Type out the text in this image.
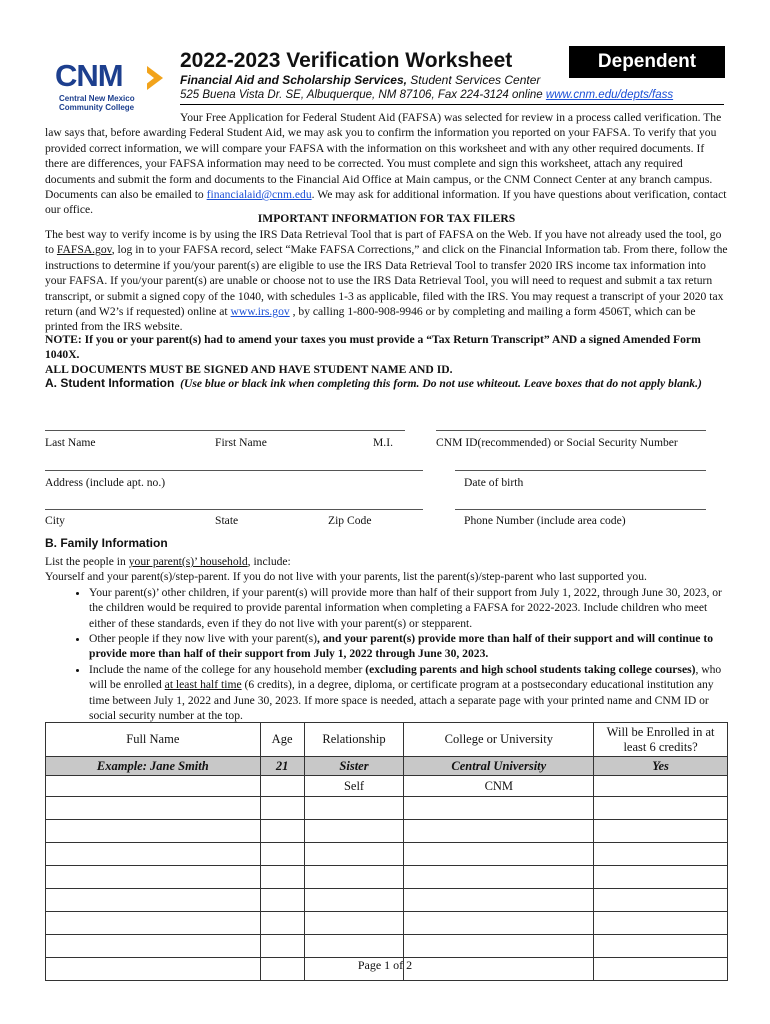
CNM
Central New Mexico Community College
2022-2023 Verification Worksheet	Dependent
Financial Aid and Scholarship Services, Student Services Center
525 Buena Vista Dr. SE, Albuquerque, NM 87106, Fax 224-3124 online www.cnm.edu/depts/fass
Your Free Application for Federal Student Aid (FAFSA) was selected for review in a process called verification. The law says that, before awarding Federal Student Aid, we may ask you to confirm the information you reported on your FAFSA. To verify that you provided correct information, we will compare your FAFSA with the information on this worksheet and with any other required documents. If there are differences, your FAFSA information may need to be corrected. You must complete and sign this worksheet, attach any required documents and submit the form and documents to the Financial Aid Office at Main campus, or the CNM Connect Center at any branch campus. Documents can also be emailed to financialaid@cnm.edu. We may ask for additional information. If you have questions about verification, contact our office.
IMPORTANT INFORMATION FOR TAX FILERS
The best way to verify income is by using the IRS Data Retrieval Tool that is part of FAFSA on the Web. If you have not already used the tool, go to FAFSA.gov, log in to your FAFSA record, select “Make FAFSA Corrections,” and click on the Financial Information tab. From there, follow the instructions to determine if you/your parent(s) are eligible to use the IRS Data Retrieval Tool to transfer 2020 IRS income tax information into your FAFSA. If you/your parent(s) are unable or choose not to use the IRS Data Retrieval Tool, you will need to request and submit a tax return transcript, or submit a signed copy of the 1040, with schedules 1-3 as applicable, filed with the IRS. You may request a transcript of your 2020 tax return (and W2’s if requested) online at www.irs.gov , by calling 1-800-908-9946 or by completing and mailing a form 4506T, which can be printed from the IRS website.
NOTE: If you or your parent(s) had to amend your taxes you must provide a “Tax Return Transcript” AND a signed Amended Form 1040X.
ALL DOCUMENTS MUST BE SIGNED AND HAVE STUDENT NAME AND ID.
A. Student Information (Use blue or black ink when completing this form. Do not use whiteout. Leave boxes that do not apply blank.)
Last Name	First Name	M.I.	CNM ID(recommended) or Social Security Number
Address (include apt. no.)	Date of birth
City	State	Zip Code	Phone Number (include area code)
B. Family Information
List the people in your parent(s)’ household, include:
Yourself and your parent(s)/step-parent. If you do not live with your parents, list the parent(s)/step-parent who last supported you.
• Your parent(s)’ other children, if your parent(s) will provide more than half of their support from July 1, 2022, through June 30, 2023, or the children would be required to provide parental information when completing a FAFSA for 2022-2023. Include children who meet either of these standards, even if they do not live with your parent(s) or stepparent.
• Other people if they now live with your parent(s), and your parent(s) provide more than half of their support and will continue to provide more than half of their support from July 1, 2022 through June 30, 2023.
• Include the name of the college for any household member (excluding parents and high school students taking college courses), who will be enrolled at least half time (6 credits), in a degree, diploma, or certificate program at a postsecondary educational institution any time between July 1, 2022 and June 30, 2023. If more space is needed, attach a separate page with your printed name and CNM ID or social security number at the top.
Full Name	Age	Relationship	College or University	Will be Enrolled in at least 6 credits?
Example: Jane Smith	21	Sister	Central University	Yes
		Self	CNM	

Page 1 of 2
